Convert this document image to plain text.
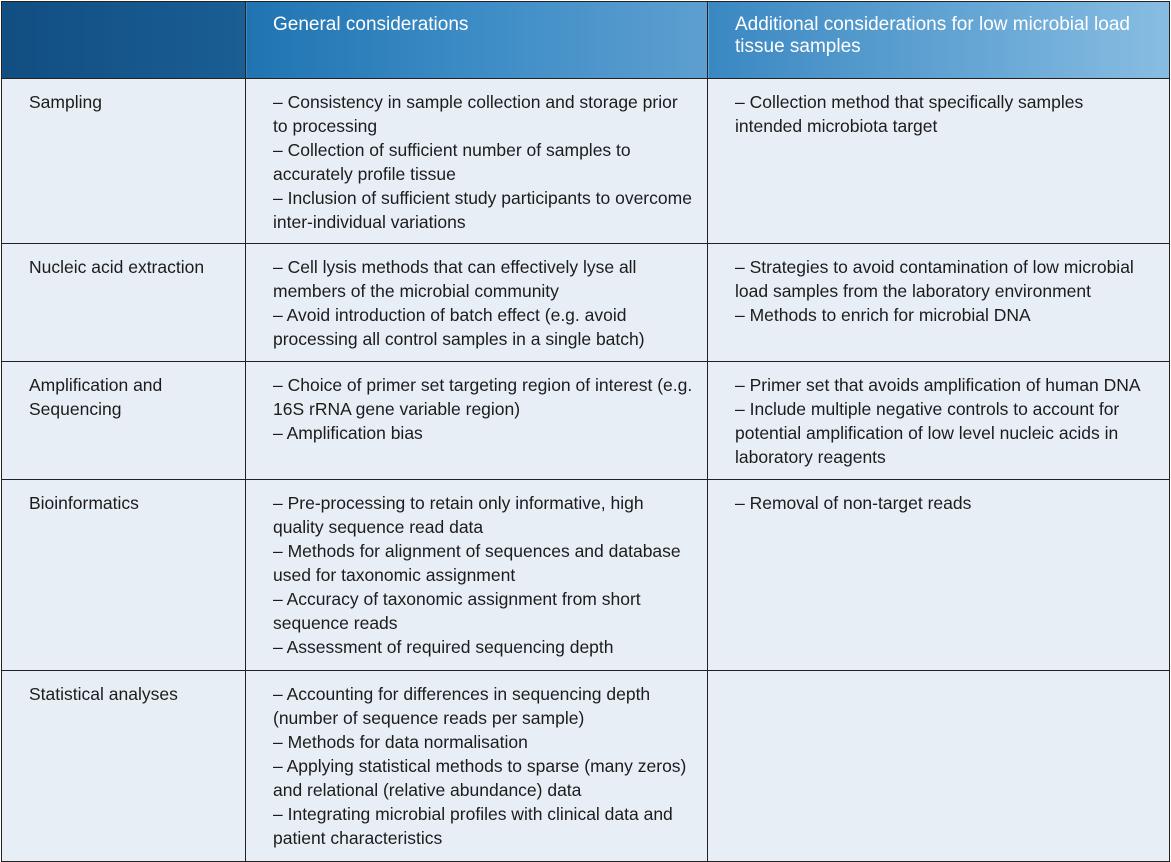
	General considerations	Additional considerations for low microbial load tissue samples

Sampling	– Consistency in sample collection and storage prior to processing
– Collection of sufficient number of samples to accurately profile tissue
– Inclusion of sufficient study participants to overcome inter-individual variations	– Collection method that specifically samples intended microbiota target

Nucleic acid extraction	– Cell lysis methods that can effectively lyse all members of the microbial community
– Avoid introduction of batch effect (e.g. avoid processing all control samples in a single batch)	– Strategies to avoid contamination of low microbial load samples from the laboratory environment
– Methods to enrich for microbial DNA

Amplification and Sequencing	– Choice of primer set targeting region of interest (e.g. 16S rRNA gene variable region)
– Amplification bias	– Primer set that avoids amplification of human DNA
– Include multiple negative controls to account for potential amplification of low level nucleic acids in laboratory reagents

Bioinformatics	– Pre-processing to retain only informative, high quality sequence read data
– Methods for alignment of sequences and database used for taxonomic assignment
– Accuracy of taxonomic assignment from short sequence reads
– Assessment of required sequencing depth	– Removal of non-target reads

Statistical analyses	– Accounting for differences in sequencing depth (number of sequence reads per sample)
– Methods for data normalisation
– Applying statistical methods to sparse (many zeros) and relational (relative abundance) data
– Integrating microbial profiles with clinical data and patient characteristics	
